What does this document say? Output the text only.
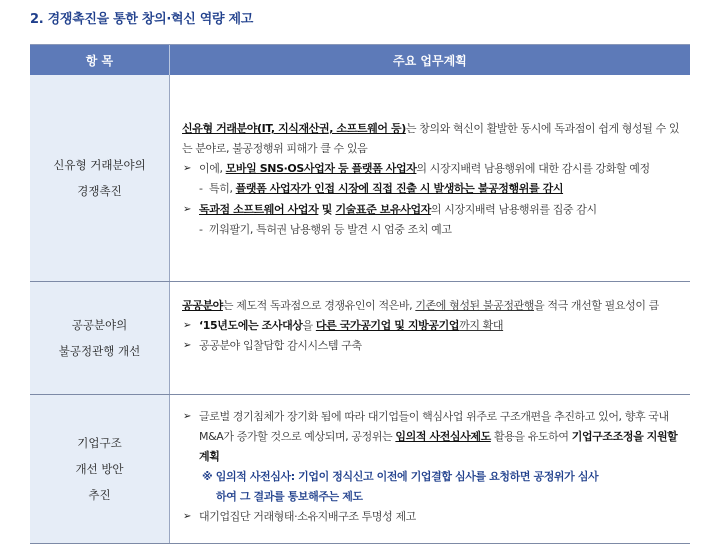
2. 경쟁촉진을 통한 창의·혁신 역량 제고
항 목	주요 업무계획
신유형 거래분야의
경쟁촉진

신유형 거래분야(IT, 지식재산권, 소프트웨어 등)는 창의와 혁신이 활발한 동시에 독과점이 쉽게 형성될 수 있는 분야로, 불공정행위 피해가 클 수 있음

➢ 이에, 모바일 SNS·OS사업자 등 플랫폼 사업자의 시장지배력 남용행위에 대한 감시를 강화할 예정

- 특히, 플랫폼 사업자가 인접 시장에 직접 진출 시 발생하는 불공정행위를 감시

➢ 독과점 소프트웨어 사업자 및 기술표준 보유사업자의 시장지배력 남용행위를 집중 감시

- 끼워팔기, 특허권 남용행위 등 발견 시 엄중 조치 예고

공공분야의
불공정관행 개선

공공분야는 제도적 독과점으로 경쟁유인이 적은바, 기존에 형성된 불공정관행을 적극 개선할 필요성이 큼

➢ ‘15년도에는 조사대상을 다른 국가공기업 및 지방공기업까지 확대

➢ 공공분야 입찰담합 감시시스템 구축

기업구조
개선 방안
추진

➢ 글로벌 경기침체가 장기화 됨에 따라 대기업들이 핵심사업 위주로 구조개편을 추진하고 있어, 향후 국내 M&A가 증가할 것으로 예상되며, 공정위는 임의적 사전심사제도 활용을 유도하여 기업구조조정을 지원할 계획

※ 임의적 사전심사: 기업이 정식신고 이전에 기업결합 심사를 요청하면 공정위가 심사
하여 그 결과를 통보해주는 제도

➢ 대기업집단 거래형태·소유지배구조 투명성 제고
